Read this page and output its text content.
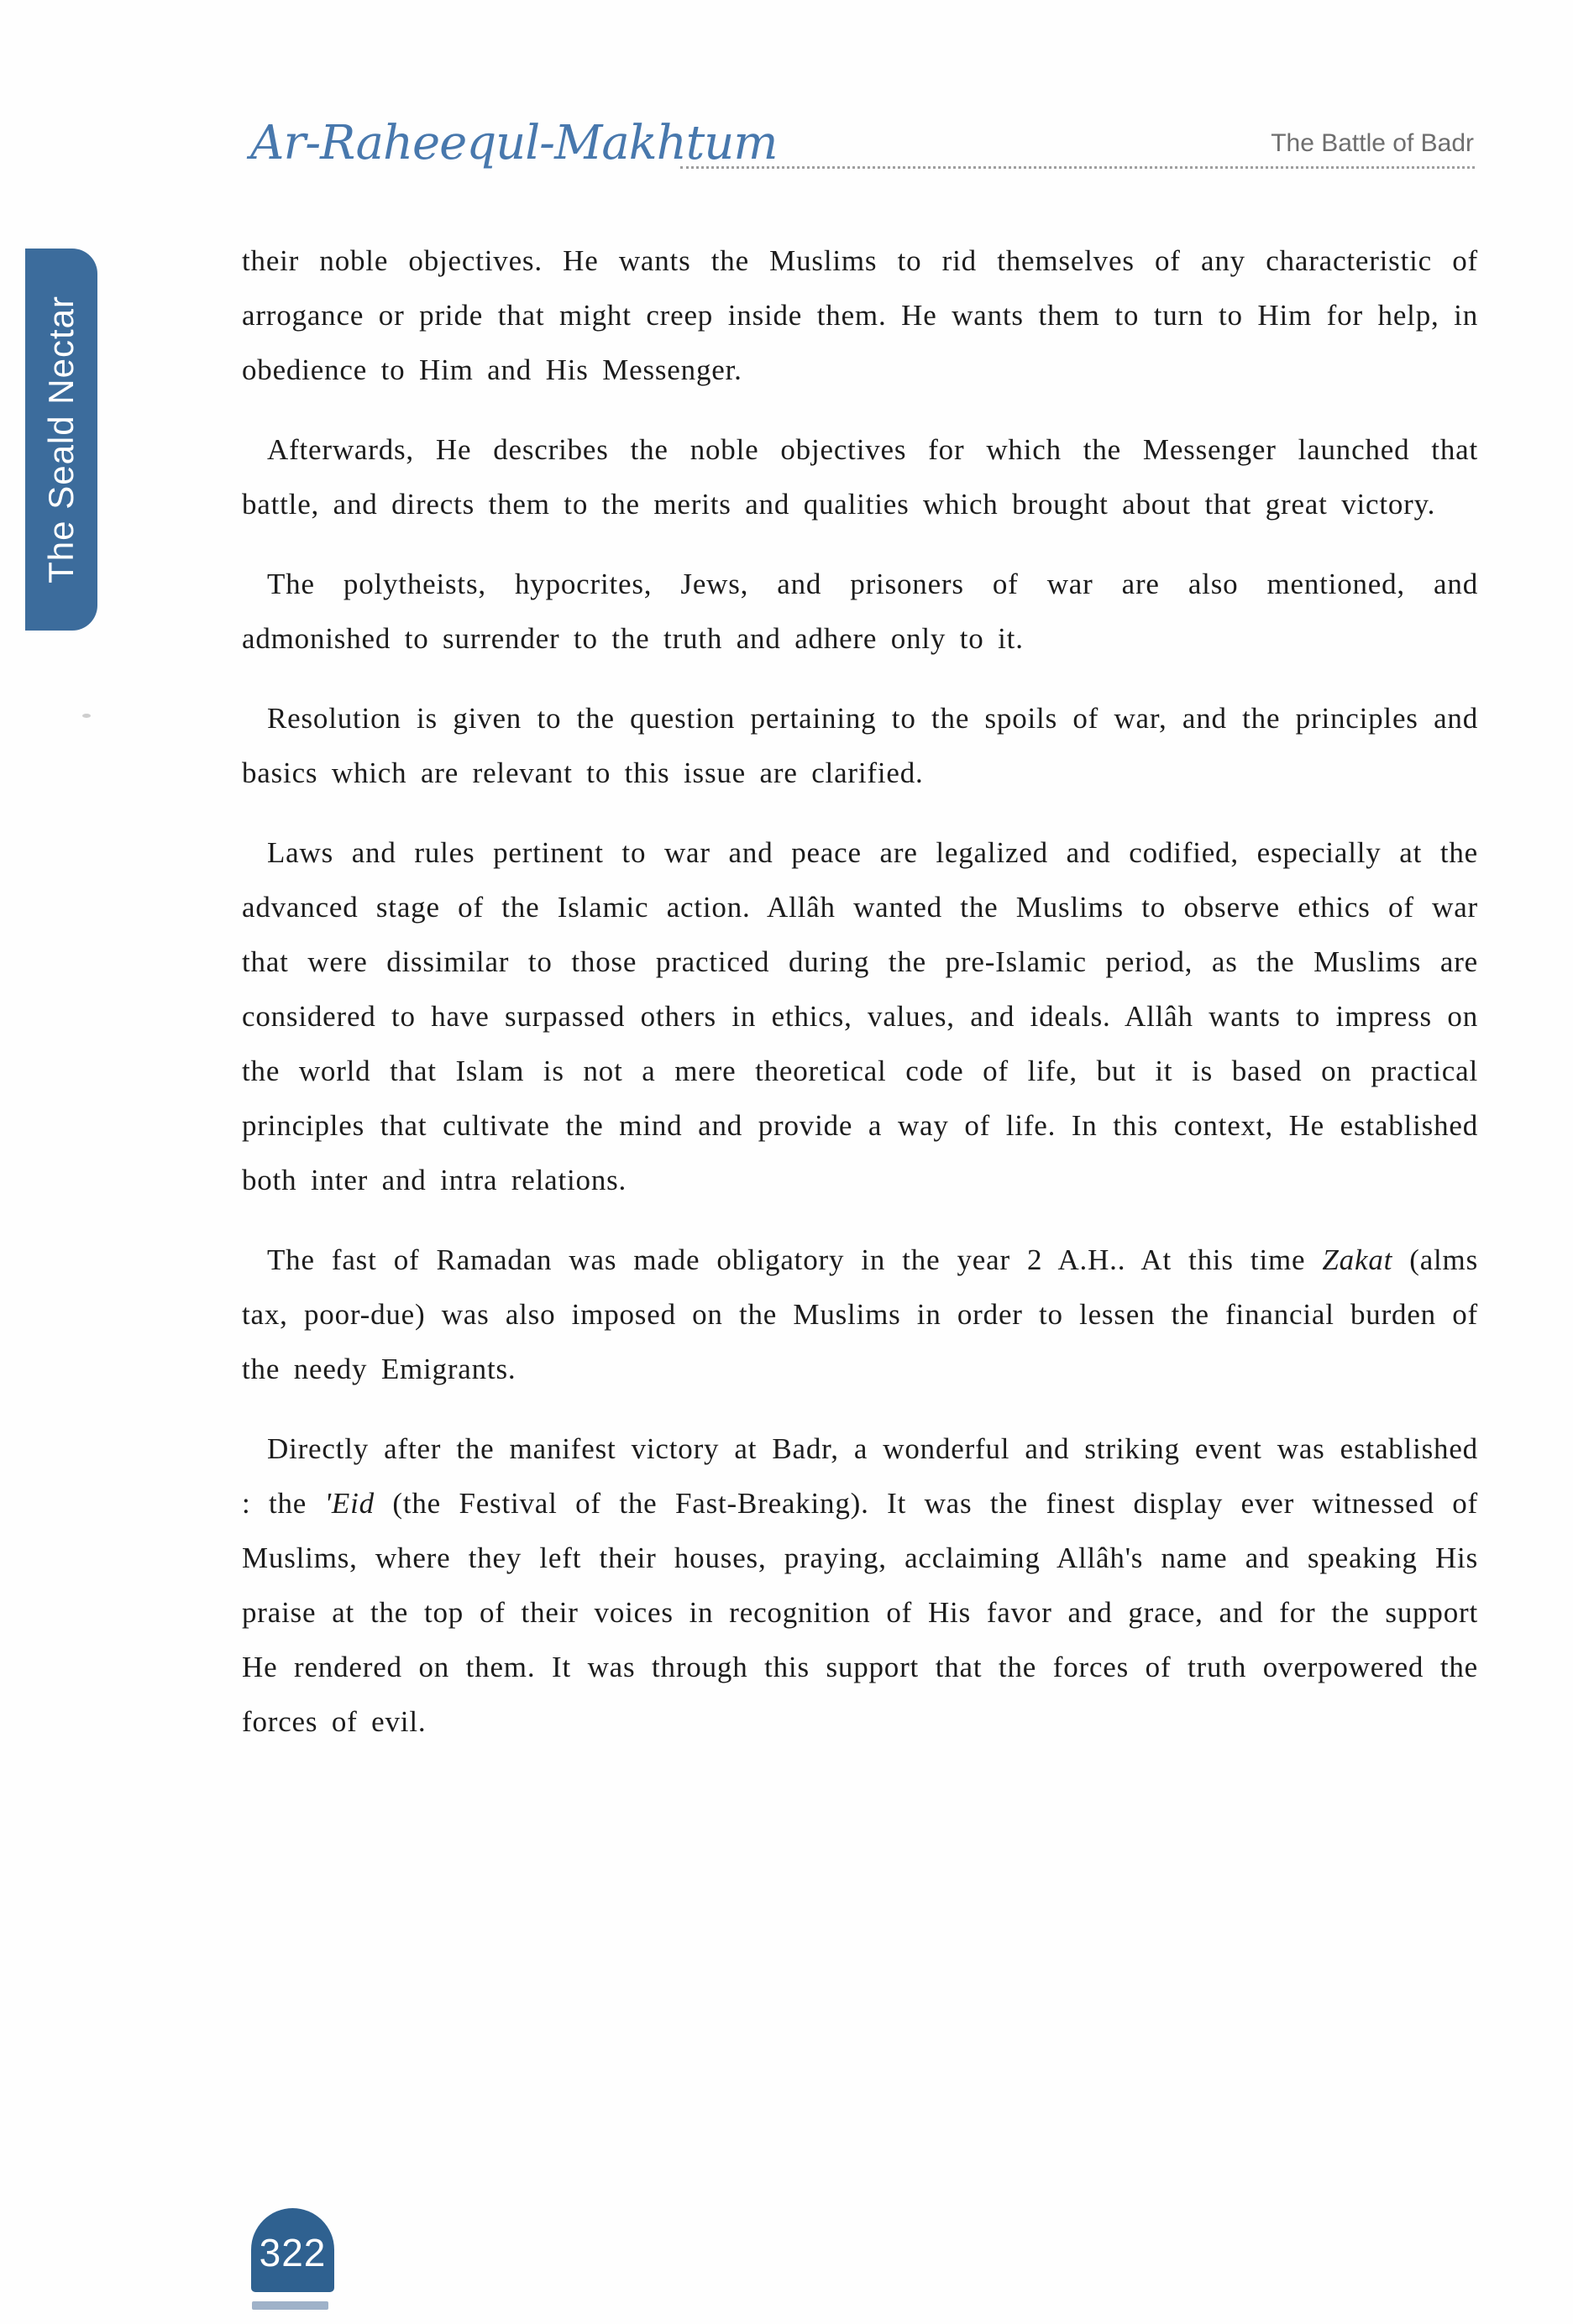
Ar-Raheequl-Makhtum	The Battle of Badr
The Seald Nectar

their noble objectives. He wants the Muslims to rid themselves of any characteristic of arrogance or pride that might creep inside them. He wants them to turn to Him for help, in obedience to Him and His Messenger.

Afterwards, He describes the noble objectives for which the Messenger launched that battle, and directs them to the merits and qualities which brought about that great victory.

The polytheists, hypocrites, Jews, and prisoners of war are also mentioned, and admonished to surrender to the truth and adhere only to it.

Resolution is given to the question pertaining to the spoils of war, and the principles and basics which are relevant to this issue are clarified.

Laws and rules pertinent to war and peace are legalized and codified, especially at the advanced stage of the Islamic action. Allâh wanted the Muslims to observe ethics of war that were dissimilar to those practiced during the pre-Islamic period, as the Muslims are considered to have surpassed others in ethics, values, and ideals. Allâh wants to impress on the world that Islam is not a mere theoretical code of life, but it is based on practical principles that cultivate the mind and provide a way of life. In this context, He established both inter and intra relations.

The fast of Ramadan was made obligatory in the year 2 A.H.. At this time Zakat (alms tax, poor-due) was also imposed on the Muslims in order to lessen the financial burden of the needy Emigrants.

Directly after the manifest victory at Badr, a wonderful and striking event was established : the 'Eid (the Festival of the Fast-Breaking). It was the finest display ever witnessed of Muslims, where they left their houses, praying, acclaiming Allâh's name and speaking His praise at the top of their voices in recognition of His favor and grace, and for the support He rendered on them. It was through this support that the forces of truth overpowered the forces of evil.

322
